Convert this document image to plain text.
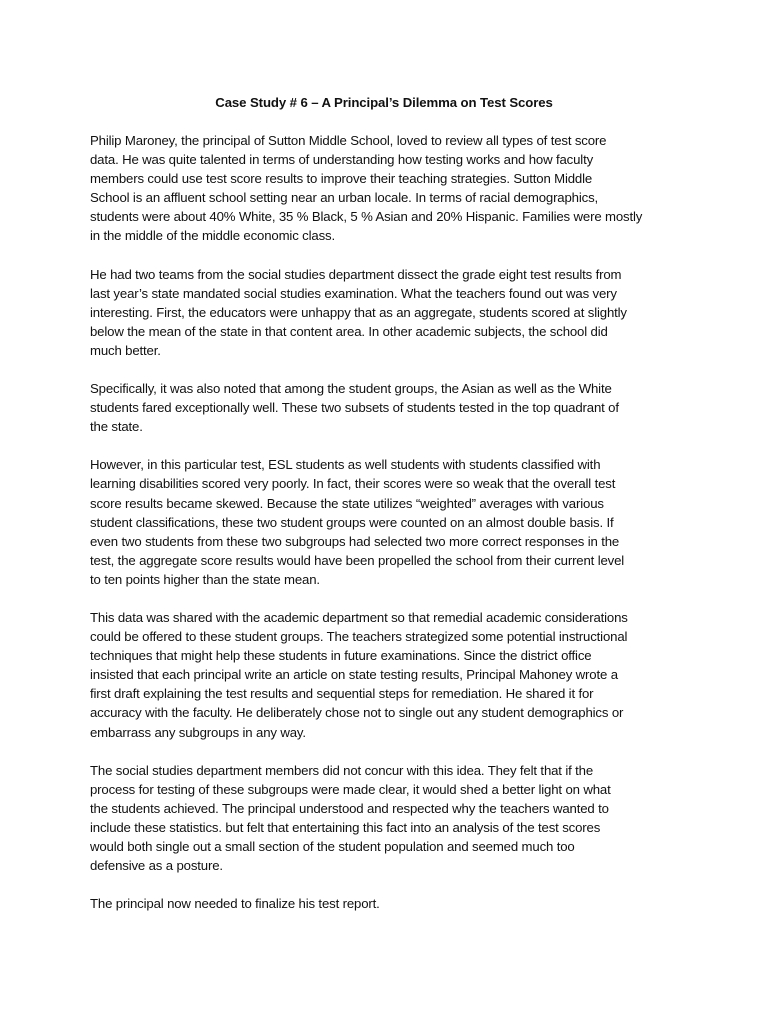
Case Study # 6 – A Principal’s Dilemma on Test Scores
Philip Maroney, the principal of Sutton Middle School, loved to review all types of test score
data. He was quite talented in terms of understanding how testing works and how faculty
members could use test score results to improve their teaching strategies. Sutton Middle
School is an affluent school setting near an urban locale. In terms of racial demographics,
students were about 40% White, 35 % Black, 5 % Asian and 20% Hispanic. Families were mostly
in the middle of the middle economic class.
He had two teams from the social studies department dissect the grade eight test results from
last year’s state mandated social studies examination. What the teachers found out was very
interesting. First, the educators were unhappy that as an aggregate, students scored at slightly
below the mean of the state in that content area. In other academic subjects, the school did
much better.
Specifically, it was also noted that among the student groups, the Asian as well as the White
students fared exceptionally well. These two subsets of students tested in the top quadrant of
the state.
However, in this particular test, ESL students as well students with students classified with
learning disabilities scored very poorly. In fact, their scores were so weak that the overall test
score results became skewed. Because the state utilizes “weighted” averages with various
student classifications, these two student groups were counted on an almost double basis. If
even two students from these two subgroups had selected two more correct responses in the
test, the aggregate score results would have been propelled the school from their current level
to ten points higher than the state mean.
This data was shared with the academic department so that remedial academic considerations
could be offered to these student groups. The teachers strategized some potential instructional
techniques that might help these students in future examinations. Since the district office
insisted that each principal write an article on state testing results, Principal Mahoney wrote a
first draft explaining the test results and sequential steps for remediation. He shared it for
accuracy with the faculty. He deliberately chose not to single out any student demographics or
embarrass any subgroups in any way.
The social studies department members did not concur with this idea. They felt that if the
process for testing of these subgroups were made clear, it would shed a better light on what
the students achieved. The principal understood and respected why the teachers wanted to
include these statistics. but felt that entertaining this fact into an analysis of the test scores
would both single out a small section of the student population and seemed much too
defensive as a posture.
The principal now needed to finalize his test report.
